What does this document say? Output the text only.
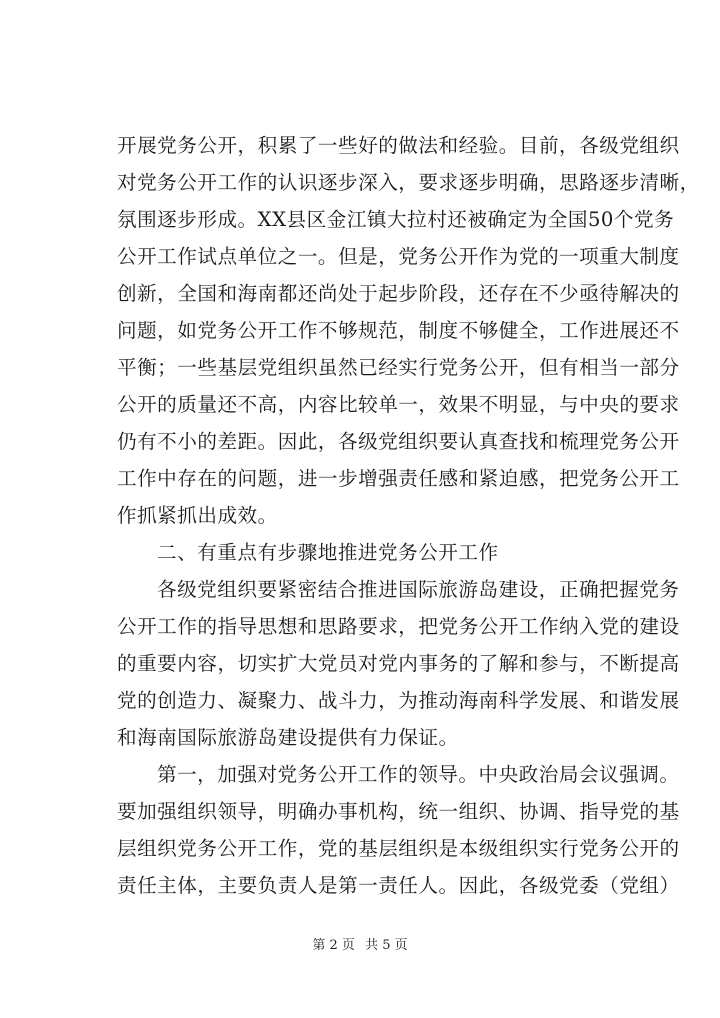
开展党务公开，积累了一些好的做法和经验。目前，各级党组织
对党务公开工作的认识逐步深入，要求逐步明确，思路逐步清晰，
氛围逐步形成。XX县区金江镇大拉村还被确定为全国50个党务
公开工作试点单位之一。但是，党务公开作为党的一项重大制度
创新，全国和海南都还尚处于起步阶段，还存在不少亟待解决的
问题，如党务公开工作不够规范，制度不够健全，工作进展还不
平衡；一些基层党组织虽然已经实行党务公开，但有相当一部分
公开的质量还不高，内容比较单一，效果不明显，与中央的要求
仍有不小的差距。因此，各级党组织要认真查找和梳理党务公开
工作中存在的问题，进一步增强责任感和紧迫感，把党务公开工
作抓紧抓出成效。
二、有重点有步骤地推进党务公开工作
各级党组织要紧密结合推进国际旅游岛建设，正确把握党务
公开工作的指导思想和思路要求，把党务公开工作纳入党的建设
的重要内容，切实扩大党员对党内事务的了解和参与，不断提高
党的创造力、凝聚力、战斗力，为推动海南科学发展、和谐发展
和海南国际旅游岛建设提供有力保证。
第一，加强对党务公开工作的领导。中央政治局会议强调。
要加强组织领导，明确办事机构，统一组织、协调、指导党的基
层组织党务公开工作，党的基层组织是本级组织实行党务公开的
责任主体，主要负责人是第一责任人。因此，各级党委（党组）
第 2 页 共 5 页
